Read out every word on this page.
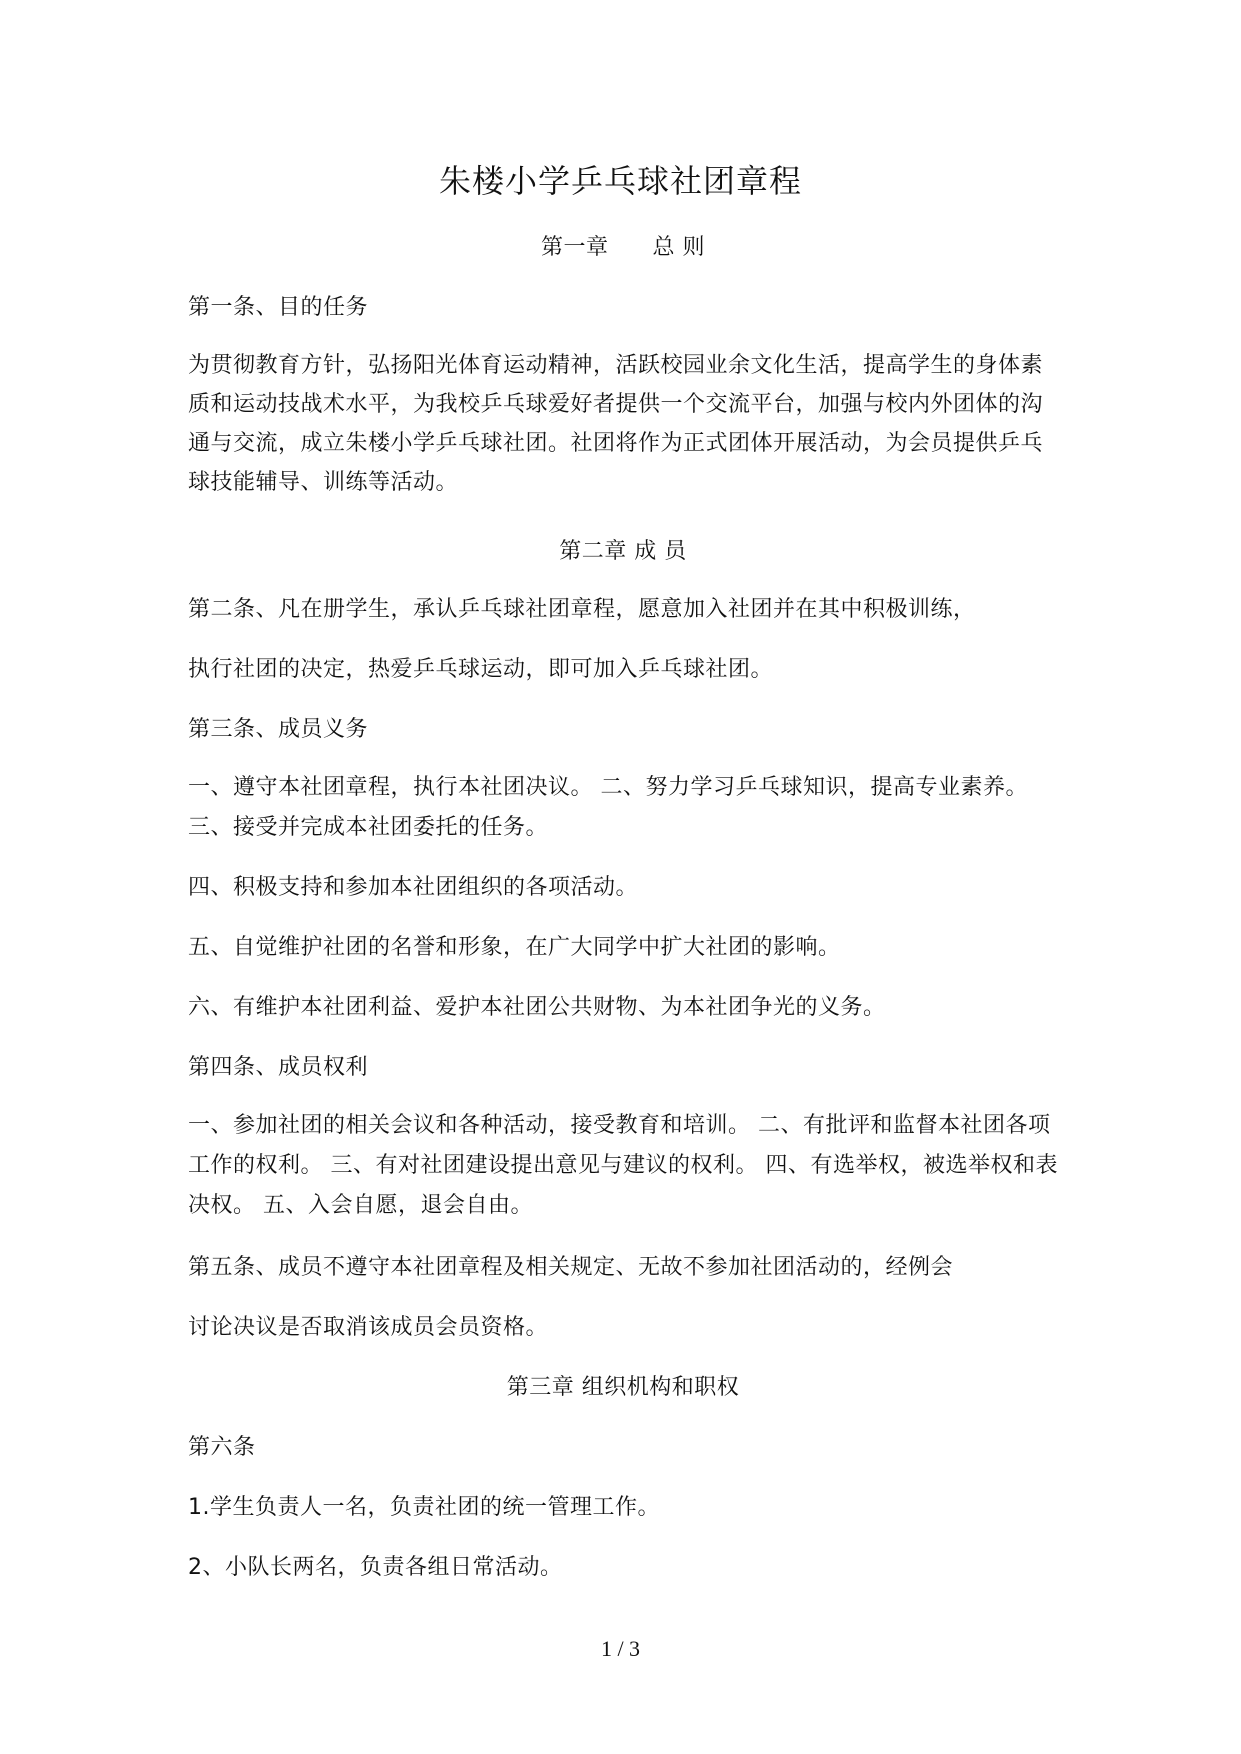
朱楼小学乒乓球社团章程
第一章 总 则

第一条、目的任务

为贯彻教育方针，弘扬阳光体育运动精神，活跃校园业余文化生活，提高学生的身体素质和运动技战术水平，为我校乒乓球爱好者提供一个交流平台，加强与校内外团体的沟通与交流，成立朱楼小学乒乓球社团。社团将作为正式团体开展活动，为会员提供乒乓球技能辅导、训练等活动。

第二章 成 员

第二条、凡在册学生，承认乒乓球社团章程，愿意加入社团并在其中积极训练，

执行社团的决定，热爱乒乓球运动，即可加入乒乓球社团。

第三条、成员义务

一、遵守本社团章程，执行本社团决议。 二、努力学习乒乓球知识，提高专业素养。三、接受并完成本社团委托的任务。

四、积极支持和参加本社团组织的各项活动。

五、自觉维护社团的名誉和形象，在广大同学中扩大社团的影响。

六、有维护本社团利益、爱护本社团公共财物、为本社团争光的义务。

第四条、成员权利

一、参加社团的相关会议和各种活动，接受教育和培训。 二、有批评和监督本社团各项工作的权利。 三、有对社团建设提出意见与建议的权利。 四、有选举权，被选举权和表决权。 五、入会自愿，退会自由。

第五条、成员不遵守本社团章程及相关规定、无故不参加社团活动的，经例会

讨论决议是否取消该成员会员资格。

第三章 组织机构和职权

第六条

1.学生负责人一名，负责社团的统一管理工作。

2、小队长两名，负责各组日常活动。

1 / 3
